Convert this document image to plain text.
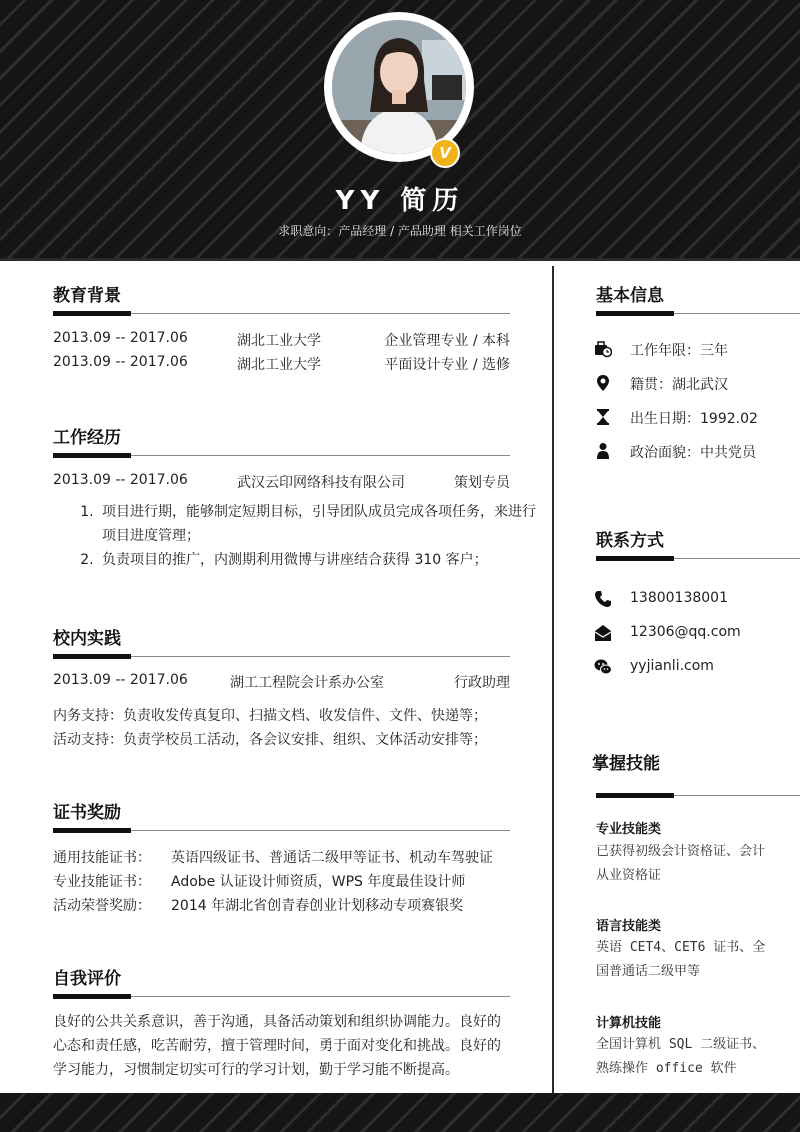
V
YY 简历
求职意向：产品经理 / 产品助理 相关工作岗位
教育背景
2013.09 -- 2017.06	湖北工业大学	企业管理专业 / 本科
2013.09 -- 2017.06	湖北工业大学	平面设计专业 / 选修
工作经历
2013.09 -- 2017.06	武汉云印网络科技有限公司	策划专员
1. 项目进行期，能够制定短期目标，引导团队成员完成各项任务，来进行项目进度管理；
2. 负责项目的推广，内测期利用微博与讲座结合获得 310 客户；
校内实践
2013.09 -- 2017.06	湖工工程院会计系办公室	行政助理
内务支持：负责收发传真复印、扫描文档、收发信件、文件、快递等；
活动支持：负责学校员工活动，各会议安排、组织、文体活动安排等；
证书奖励
通用技能证书： 英语四级证书、普通话二级甲等证书、机动车驾驶证
专业技能证书： Adobe 认证设计师资质，WPS 年度最佳设计师
活动荣誉奖励： 2014 年湖北省创青春创业计划移动专项赛银奖
自我评价
良好的公共关系意识，善于沟通，具备活动策划和组织协调能力。良好的心态和责任感，吃苦耐劳，擅于管理时间，勇于面对变化和挑战。良好的学习能力，习惯制定切实可行的学习计划，勤于学习能不断提高。
基本信息
工作年限：三年
籍贯：湖北武汉
出生日期：1992.02
政治面貌：中共党员
联系方式
13800138001
12306@qq.com
yyjianli.com
掌握技能
专业技能类
已获得初级会计资格证、会计从业资格证
语言技能类
英语 CET4、CET6 证书、全国普通话二级甲等
计算机技能
全国计算机 SQL 二级证书、熟练操作 office 软件
